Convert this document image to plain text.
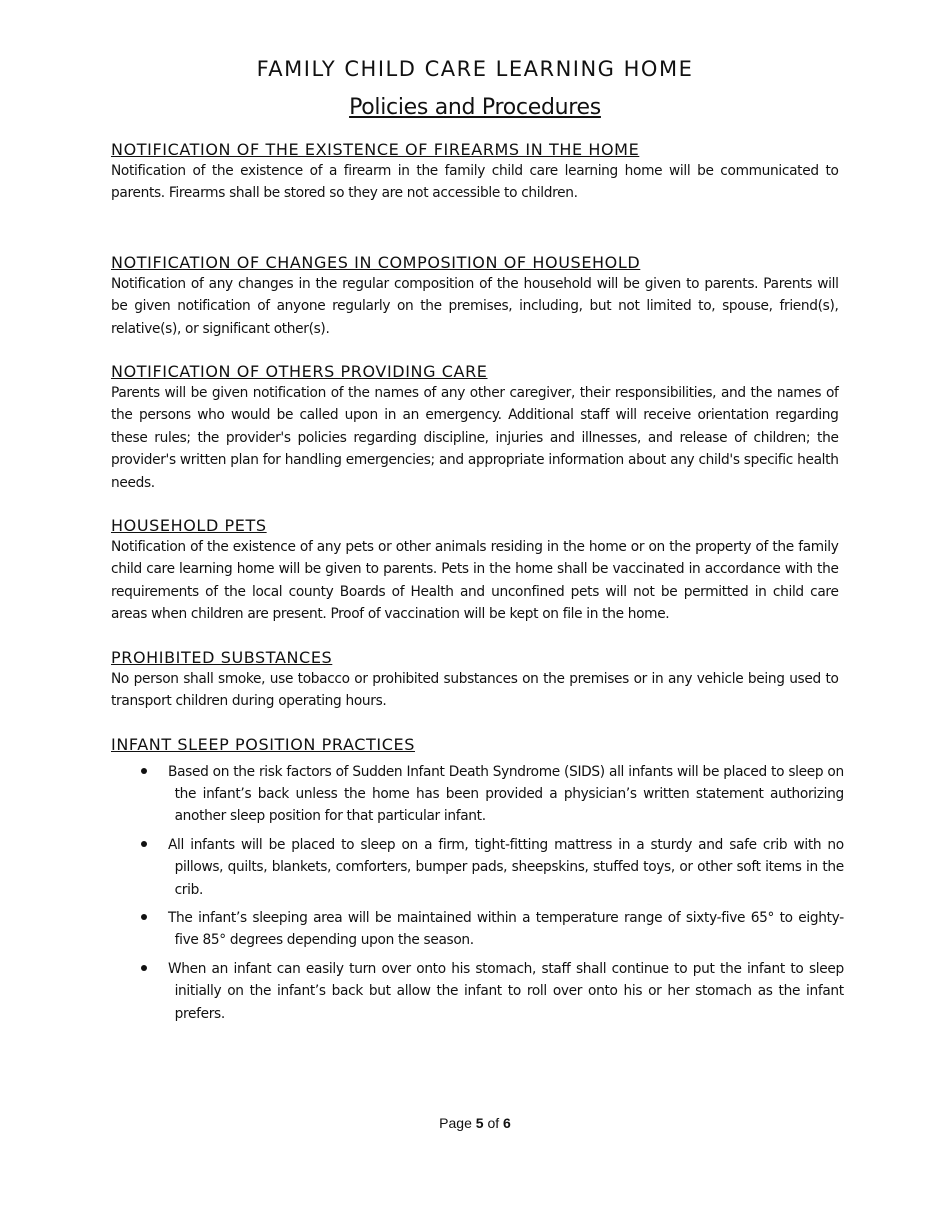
FAMILY CHILD CARE LEARNING HOME
Policies and Procedures
NOTIFICATION OF THE EXISTENCE OF FIREARMS IN THE HOME
Notification of the existence of a firearm in the family child care learning home will be communicated to parents. Firearms shall be stored so they are not accessible to children.
NOTIFICATION OF CHANGES IN COMPOSITION OF HOUSEHOLD
Notification of any changes in the regular composition of the household will be given to parents. Parents will be given notification of anyone regularly on the premises, including, but not limited to, spouse, friend(s), relative(s), or significant other(s).
NOTIFICATION OF OTHERS PROVIDING CARE
Parents will be given notification of the names of any other caregiver, their responsibilities, and the names of the persons who would be called upon in an emergency. Additional staff will receive orientation regarding these rules; the provider's policies regarding discipline, injuries and illnesses, and release of children; the provider's written plan for handling emergencies; and appropriate information about any child's specific health needs.
HOUSEHOLD PETS
Notification of the existence of any pets or other animals residing in the home or on the property of the family child care learning home will be given to parents. Pets in the home shall be vaccinated in accordance with the requirements of the local county Boards of Health and unconfined pets will not be permitted in child care areas when children are present. Proof of vaccination will be kept on file in the home.
PROHIBITED SUBSTANCES
No person shall smoke, use tobacco or prohibited substances on the premises or in any vehicle being used to transport children during operating hours.
INFANT SLEEP POSITION PRACTICES
Based on the risk factors of Sudden Infant Death Syndrome (SIDS) all infants will be placed to sleep on the infant’s back unless the home has been provided a physician’s written statement authorizing another sleep position for that particular infant.
All infants will be placed to sleep on a firm, tight-fitting mattress in a sturdy and safe crib with no pillows, quilts, blankets, comforters, bumper pads, sheepskins, stuffed toys, or other soft items in the crib.
The infant’s sleeping area will be maintained within a temperature range of sixty-five 65° to eighty-five 85° degrees depending upon the season.
When an infant can easily turn over onto his stomach, staff shall continue to put the infant to sleep initially on the infant’s back but allow the infant to roll over onto his or her stomach as the infant prefers.
Page 5 of 6
